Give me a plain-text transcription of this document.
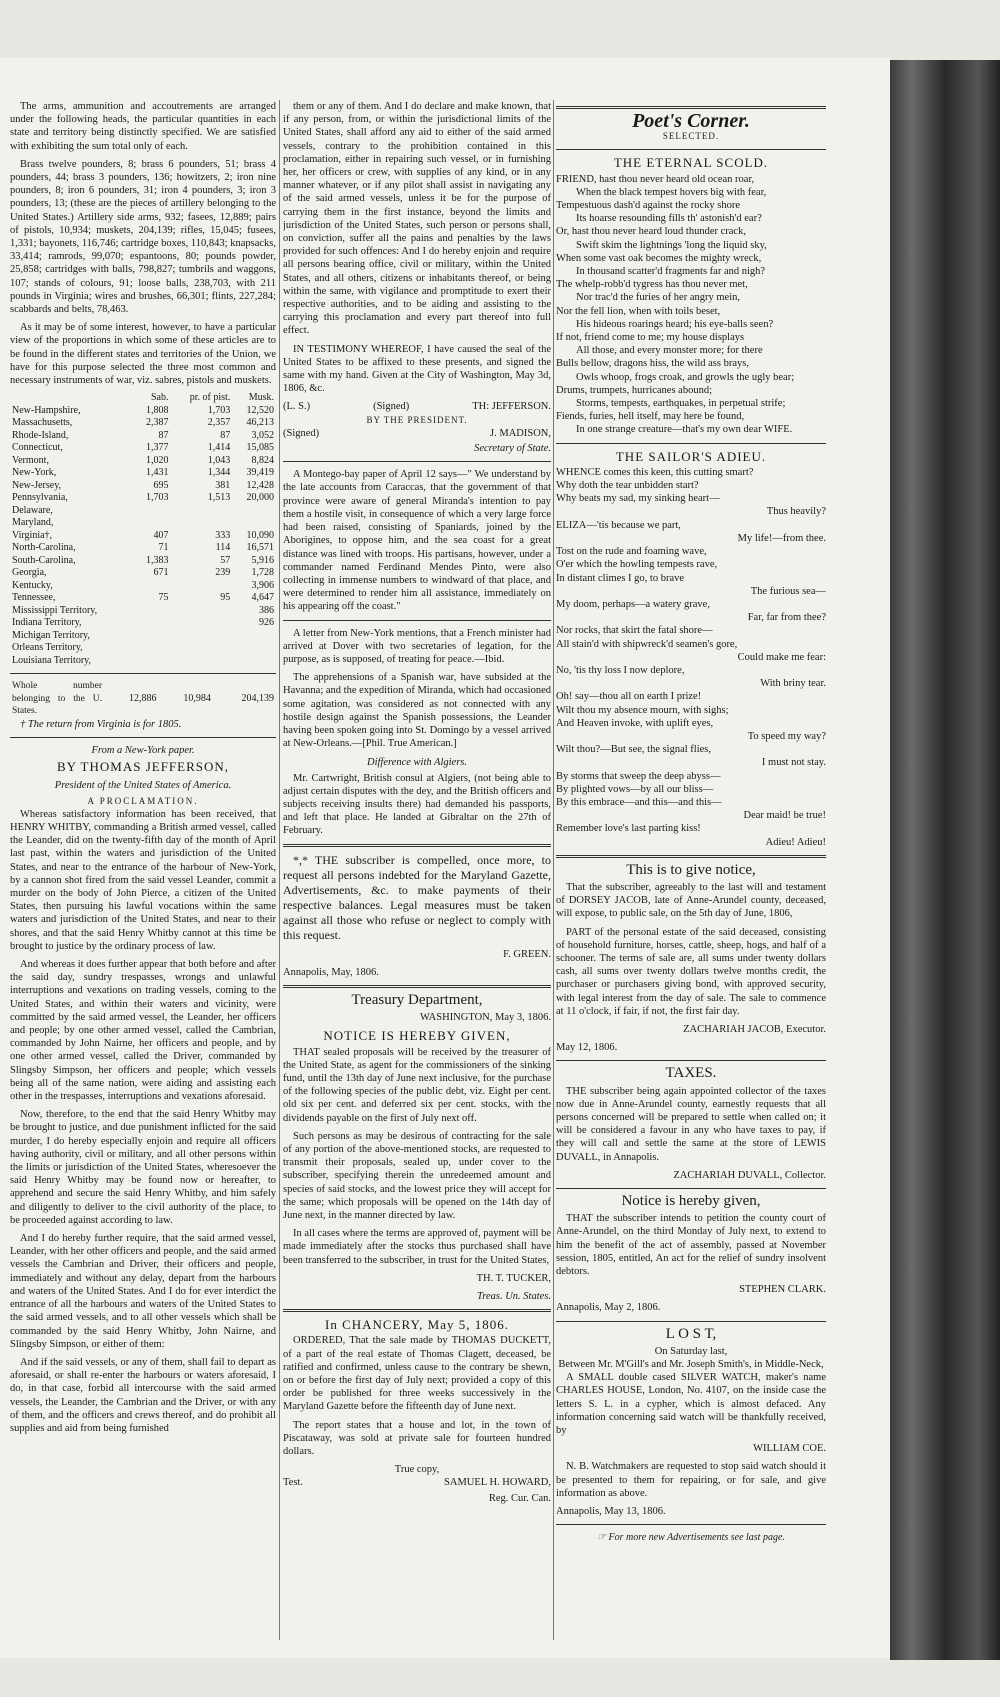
The arms, ammunition and accoutrements are arranged under the following heads, the particular quantities in each state and territory being distinctly specified. We are satisfied with exhibiting the sum total only of each.

Brass twelve pounders, 8; brass 6 pounders, 51; brass 4 pounders, 44; brass 3 pounders, 136; howitzers, 2; iron nine pounders, 8; iron 6 pounders, 31; iron 4 pounders, 3; iron 3 pounders, 13; (these are the pieces of artillery belonging to the United States.) Artillery side arms, 932; fasees, 12,889; pairs of pistols, 10,934; muskets, 204,139; rifles, 15,045; fusees, 1,331; bayonets, 116,746; cartridge boxes, 110,843; knapsacks, 33,414; ramrods, 99,070; espantoons, 80; pounds powder, 25,858; cartridges with balls, 798,827; tumbrils and waggons, 107; stands of colours, 91; loose balls, 238,703, with 211 pounds in Virginia; wires and brushes, 66,301; flints, 227,284; scabbards and belts, 78,463.

As it may be of some interest, however, to have a particular view of the proportions in which some of these articles are to be found in the different states and territories of the Union, we have for this purpose selected the three most common and necessary instruments of war, viz. sabres, pistols and muskets.

	Sab.	pr. of pist.	Musk.
New-Hampshire,	1,808	1,703	12,520
Massachusetts,	2,387	2,357	46,213
Rhode-Island,	87	87	3,052
Connecticut,	1,377	1,414	15,085
Vermont,	1,020	1,043	8,824
New-York,	1,431	1,344	39,419
New-Jersey,	695	381	12,428
Pennsylvania,	1,703	1,513	20,000
Delaware,			
Maryland,			
Virginia†,	407	333	10,090
North-Carolina,	71	114	16,571
South-Carolina,	1,383	57	5,916
Georgia,	671	239	1,728
Kentucky,			3,906
Tennessee,	75	95	4,647
Mississippi Territory,			386
Indiana Territory,			926
Michigan Territory,			
Orleans Territory,			
Louisiana Territory,			
Whole number belonging to the U. States.	12,886	10,984	204,139

† The return from Virginia is for 1805.

From a New-York paper.
BY THOMAS JEFFERSON,
President of the United States of America.
A PROCLAMATION.

Whereas satisfactory information has been received, that HENRY WHITBY, commanding a British armed vessel, called the Leander, did on the twenty-fifth day of the month of April last past, within the waters and jurisdiction of the United States, and near to the entrance of the harbour of New-York, by a cannon shot fired from the said vessel Leander, commit a murder on the body of John Pierce, a citizen of the United States, then pursuing his lawful vocations within the same waters and jurisdiction of the United States, and near to their shores, and that the said Henry Whitby cannot at this time be brought to justice by the ordinary process of law.

And whereas it does further appear that both before and after the said day, sundry trespasses, wrongs and unlawful interruptions and vexations on trading vessels, coming to the United States, and within their waters and vicinity, were committed by the said armed vessel, the Leander, her officers and people; by one other armed vessel, called the Cambrian, commanded by John Nairne, her officers and people, and by one other armed vessel, called the Driver, commanded by Slingsby Simpson, her officers and people; which vessels being all of the same nation, were aiding and assisting each other in the trespasses, interruptions and vexations aforesaid.

Now, therefore, to the end that the said Henry Whitby may be brought to justice, and due punishment inflicted for the said murder, I do hereby especially enjoin and require all officers having authority, civil or military, and all other persons within the limits or jurisdiction of the United States, wheresoever the said Henry Whitby may be found now or hereafter, to apprehend and secure the said Henry Whitby, and him safely and diligently to deliver to the civil authority of the place, to be proceeded against according to law.

And I do hereby further require, that the said armed vessel, Leander, with her other officers and people, and the said armed vessels the Cambrian and Driver, their officers and people, immediately and without any delay, depart from the harbours and waters of the United States. And I do for ever interdict the entrance of all the harbours and waters of the United States to the said armed vessels, and to all other vessels which shall be commanded by the said Henry Whitby, John Nairne, and Slingsby Simpson, or either of them:

And if the said vessels, or any of them, shall fail to depart as aforesaid, or shall re-enter the harbours or waters aforesaid, I do, in that case, forbid all intercourse with the said armed vessels, the Leander, the Cambrian and the Driver, or with any of them, and the officers and crews thereof, and do prohibit all supplies and aid from being furnished

them or any of them. And I do declare and make known, that if any person, from, or within the jurisdictional limits of the United States, shall afford any aid to either of the said armed vessels, contrary to the prohibition contained in this proclamation, either in repairing such vessel, or in furnishing her, her officers or crew, with supplies of any kind, or in any manner whatever, or if any pilot shall assist in navigating any of the said armed vessels, unless it be for the purpose of carrying them in the first instance, beyond the limits and jurisdiction of the United States, such person or persons shall, on conviction, suffer all the pains and penalties by the laws provided for such offences: And I do hereby enjoin and require all persons bearing office, civil or military, within the United States, and all others, citizens or inhabitants thereof, or being within the same, with vigilance and promptitude to exert their respective authorities, and to be aiding and assisting to the carrying this proclamation and every part thereof into full effect.

IN TESTIMONY WHEREOF, I have caused the seal of the United States to be affixed to these presents, and signed the same with my hand. Given at the City of Washington, May 3d, 1806, &c.

(L. S.)	(Signed)	TH: JEFFERSON.
BY THE PRESIDENT.
(Signed)	J. MADISON,
Secretary of State.

A Montego-bay paper of April 12 says—" We understand by the late accounts from Caraccas, that the government of that province were aware of general Miranda's intention to pay them a hostile visit, in consequence of which a very large force had been raised, consisting of Spaniards, joined by the Aborigines, to oppose him, and the sea coast for a great distance was lined with troops. His partisans, however, under a commander named Ferdinand Mendes Pinto, were also collecting in immense numbers to windward of that place, and were determined to render him all assistance, immediately on his appearing off the coast."

A letter from New-York mentions, that a French minister had arrived at Dover with two secretaries of legation, for the purpose, as is supposed, of treating for peace.—Ibid.

The apprehensions of a Spanish war, have subsided at the Havanna; and the expedition of Miranda, which had occasioned some agitation, was considered as not connected with any hostile design against the Spanish possessions, the Leander having been spoken going into St. Domingo by a vessel arrived at New-Orleans.—[Phil. True American.]

Difference with Algiers.

Mr. Cartwright, British consul at Algiers, (not being able to adjust certain disputes with the dey, and the British officers and subjects receiving insults there) had demanded his passports, and left that place. He landed at Gibraltar on the 27th of February.

*,* THE subscriber is compelled, once more, to request all persons indebted for the Maryland Gazette, Advertisements, &c. to make payments of their respective balances. Legal measures must be taken against all those who refuse or neglect to comply with this request.

F. GREEN.
Annapolis, May, 1806.
Treasury Department,
WASHINGTON, May 3, 1806.
NOTICE IS HEREBY GIVEN,

THAT sealed proposals will be received by the treasurer of the United State, as agent for the commissioners of the sinking fund, until the 13th day of June next inclusive, for the purchase of the following species of the public debt, viz. Eight per cent. old six per cent. and deferred six per cent. stocks, with the dividends payable on the first of July next off.

Such persons as may be desirous of contracting for the sale of any portion of the above-mentioned stocks, are requested to transmit their proposals, sealed up, under cover to the subscriber, specifying therein the unredeemed amount and species of said stocks, and the lowest price they will accept for the same; which proposals will be opened on the 14th day of June next, in the manner directed by law.

In all cases where the terms are approved of, payment will be made immediately after the stocks thus purchased shall have been transferred to the subscriber, in trust for the United States,

TH. T. TUCKER,
Treas. Un. States.
In CHANCERY, May 5, 1806.

ORDERED, That the sale made by THOMAS DUCKETT, of a part of the real estate of Thomas Clagett, deceased, be ratified and confirmed, unless cause to the contrary be shewn, on or before the first day of July next; provided a copy of this order be published for three weeks successively in the Maryland Gazette before the fifteenth day of June next.

The report states that a house and lot, in the town of Piscataway, was sold at private sale for fourteen hundred dollars.

True copy,
Test.	SAMUEL H. HOWARD,
Reg. Cur. Can.
Poet's Corner.
SELECTED.
THE ETERNAL SCOLD.

FRIEND, hast thou never heard old ocean roar,

When the black tempest hovers big with fear,

Tempestuous dash'd against the rocky shore

Its hoarse resounding fills th' astonish'd ear?

Or, hast thou never heard loud thunder crack,

Swift skim the lightnings 'long the liquid sky,

When some vast oak becomes the mighty wreck,

In thousand scatter'd fragments far and nigh?

The whelp-robb'd tygress has thou never met,

Nor trac'd the furies of her angry mein,

Nor the fell lion, when with toils beset,

His hideous roarings heard; his eye-balls seen?

If not, friend come to me; my house displays

All those, and every monster more; for there

Bulls bellow, dragons hiss, the wild ass brays,

Owls whoop, frogs croak, and growls the ugly bear;

Drums, trumpets, hurricanes abound;

Storms, tempests, earthquakes, in perpetual strife;

Fiends, furies, hell itself, may here be found,

In one strange creature—that's my own dear WIFE.

THE SAILOR'S ADIEU.

WHENCE comes this keen, this cutting smart?

Why doth the tear unbidden start?

Why beats my sad, my sinking heart—

Thus heavily?

ELIZA—'tis because we part,

My life!—from thee.

Tost on the rude and foaming wave,

O'er which the howling tempests rave,

In distant climes I go, to brave

The furious sea—

My doom, perhaps—a watery grave,

Far, far from thee?

Nor rocks, that skirt the fatal shore—

All stain'd with shipwreck'd seamen's gore,

Could make me fear:

No, 'tis thy loss I now deplore,

With briny tear.

Oh! say—thou all on earth I prize!

Wilt thou my absence mourn, with sighs;

And Heaven invoke, with uplift eyes,

To speed my way?

Wilt thou?—But see, the signal flies,

I must not stay.

By storms that sweep the deep abyss—

By plighted vows—by all our bliss—

By this embrace—and this—and this—

Dear maid! be true!

Remember love's last parting kiss!

Adieu! Adieu!

This is to give notice,

That the subscriber, agreeably to the last will and testament of DORSEY JACOB, late of Anne-Arundel county, deceased, will expose, to public sale, on the 5th day of June, 1806,

PART of the personal estate of the said deceased, consisting of household furniture, horses, cattle, sheep, hogs, and half of a schooner. The terms of sale are, all sums under twenty dollars cash, all sums over twenty dollars twelve months credit, the purchaser or purchasers giving bond, with approved security, with legal interest from the day of sale. The sale to commence at 11 o'clock, if fair, if not, the first fair day.

ZACHARIAH JACOB, Executor.
May 12, 1806.
TAXES.

THE subscriber being again appointed collector of the taxes now due in Anne-Arundel county, earnestly requests that all persons concerned will be prepared to settle when called on; it will be considered a favour in any who have taxes to pay, if they will call and settle the same at the store of LEWIS DUVALL, in Annapolis.

ZACHARIAH DUVALL, Collector.
Notice is hereby given,

THAT the subscriber intends to petition the county court of Anne-Arundel, on the third Monday of July next, to extend to him the benefit of the act of assembly, passed at November session, 1805, entitled, An act for the relief of sundry insolvent debtors.

STEPHEN CLARK.
Annapolis, May 2, 1806.
L O S T,
On Saturday last,
Between Mr. M'Gill's and Mr. Joseph Smith's, in Middle-Neck,

A SMALL double cased SILVER WATCH, maker's name CHARLES HOUSE, London, No. 4107, on the inside case the letters S. L. in a cypher, which is almost defaced. Any information concerning said watch will be thankfully received, by

WILLIAM COE.

N. B. Watchmakers are requested to stop said watch should it be presented to them for repairing, or for sale, and give information as above.

Annapolis, May 13, 1806.
☞ For more new Advertisements see last page.
